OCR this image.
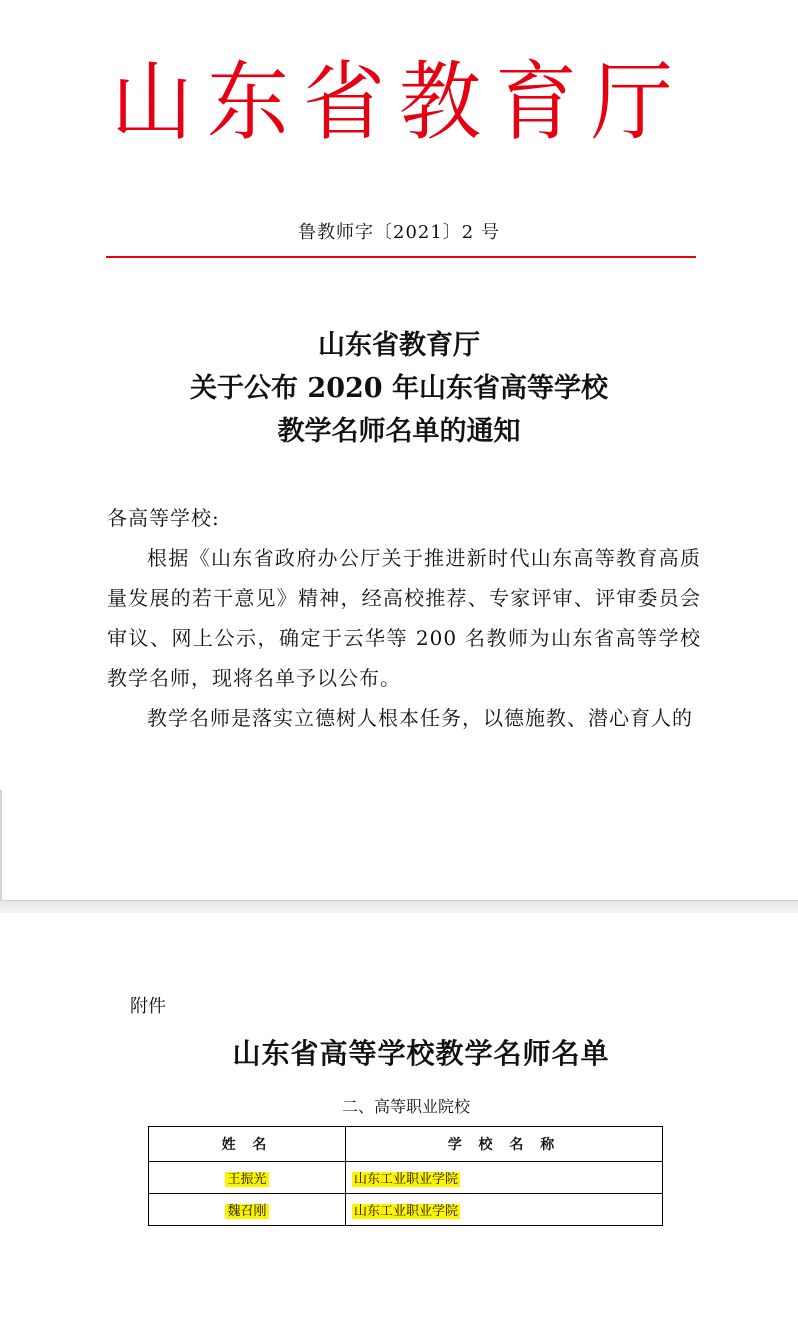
山东省教育厅
鲁教师字〔2021〕2 号
山东省教育厅
关于公布 2020 年山东省高等学校
教学名师名单的通知

各高等学校:

根据《山东省政府办公厅关于推进新时代山东高等教育高质量发展的若干意见》精神，经高校推荐、专家评审、评审委员会审议、网上公示，确定于云华等 200 名教师为山东省高等学校教学名师，现将名单予以公布。

教学名师是落实立德树人根本任务，以德施教、潜心育人的

附件
山东省高等学校教学名师名单
二、高等职业院校
姓 名	学 校 名 称
王振光	山东工业职业学院
魏召刚	山东工业职业学院
